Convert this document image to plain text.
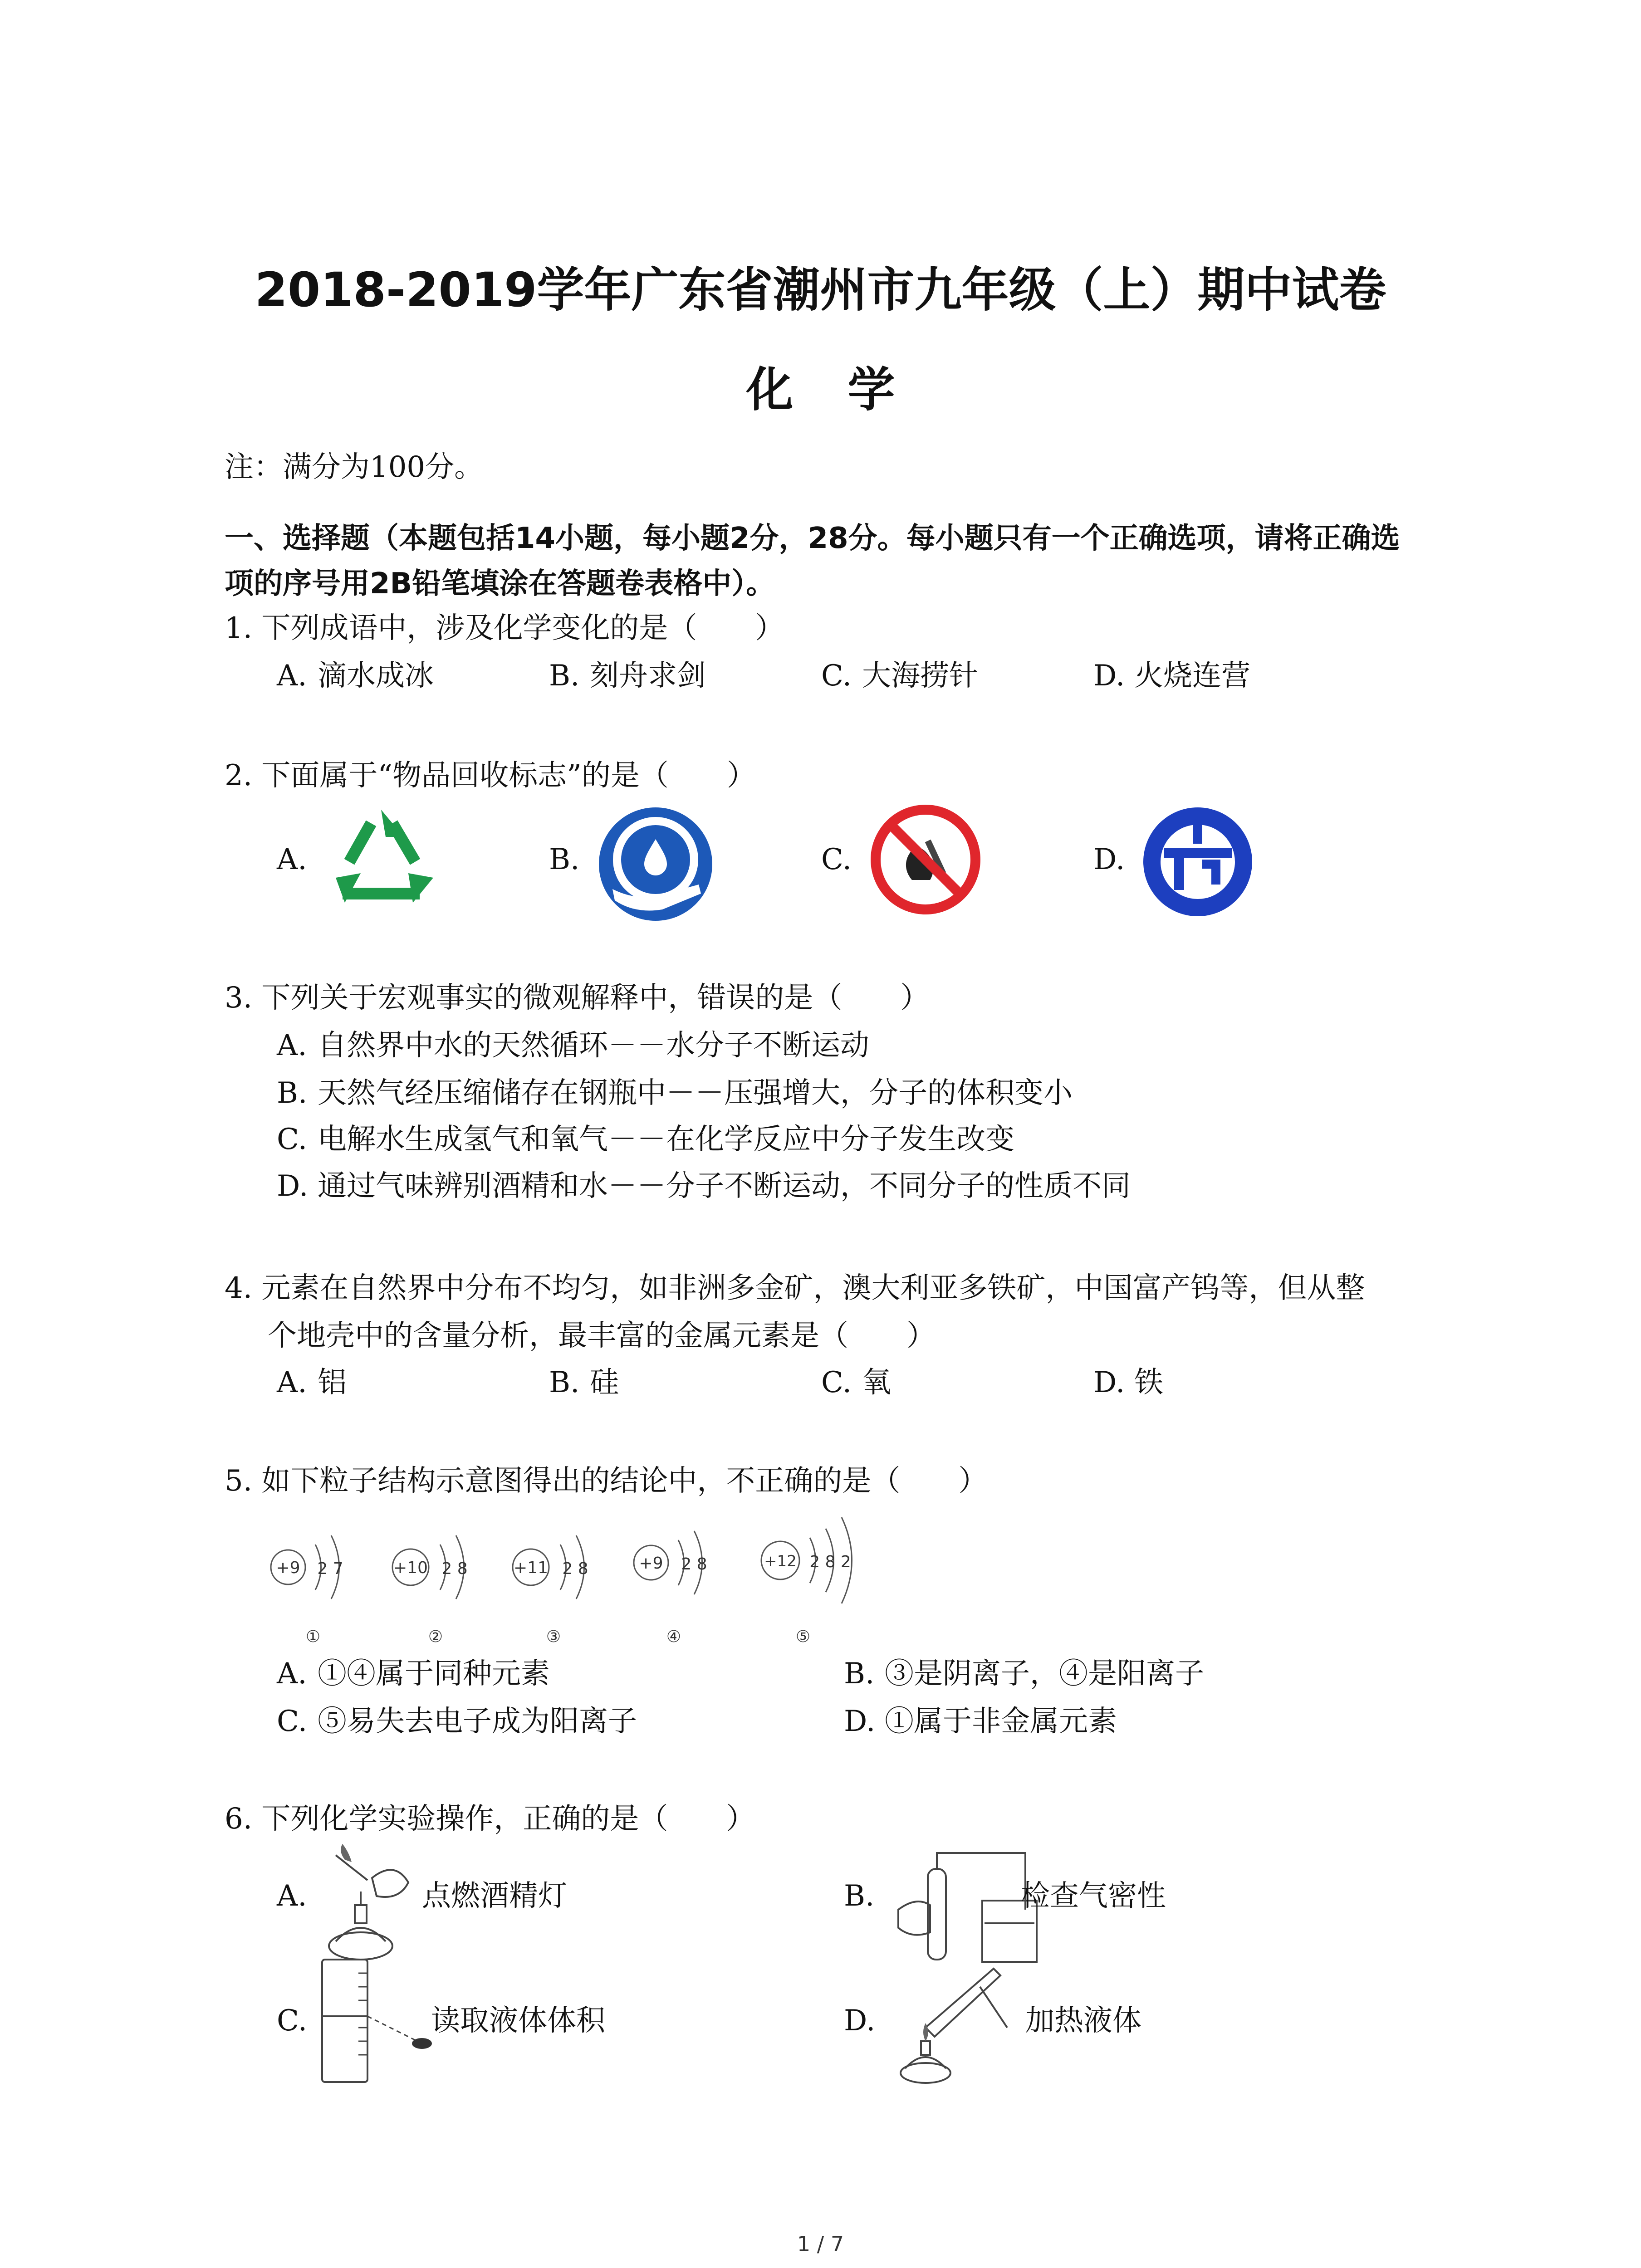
2018-2019学年广东省潮州市九年级（上）期中试卷
化学
注：满分为100分。
一、选择题（本题包括14小题，每小题2分，28分。每小题只有一个正确选项，请将正确选
项的序号用2B铅笔填涂在答题卷表格中）。
1. 下列成语中，涉及化学变化的是（　　）
A. 滴水成冰	B. 刻舟求剑	C. 大海捞针	D. 火烧连营
2. 下面属于“物品回收标志”的是（　　）
A.	B.	C.	D.
3. 下列关于宏观事实的微观解释中，错误的是（　　）
A. 自然界中水的天然循环－－水分子不断运动
B. 天然气经压缩储存在钢瓶中－－压强增大，分子的体积变小
C. 电解水生成氢气和氧气－－在化学反应中分子发生改变
D. 通过气味辨别酒精和水－－分子不断运动，不同分子的性质不同
4. 元素在自然界中分布不均匀，如非洲多金矿，澳大利亚多铁矿，中国富产钨等，但从整
个地壳中的含量分析，最丰富的金属元素是（　　）
A. 铝	B. 硅	C. 氧	D. 铁
5. 如下粒子结构示意图得出的结论中，不正确的是（　　）
+9 2 7
①
+10 2 8
②
+11 2 8
③
+9 2 8
④
+12 2 8 2
⑤
A. ①④属于同种元素	B. ③是阴离子，④是阳离子
C. ⑤易失去电子成为阳离子	D. ①属于非金属元素
6. 下列化学实验操作，正确的是（　　）
A.	点燃酒精灯	B.	检查气密性
C.	读取液体体积	D.	加热液体
1 / 7
